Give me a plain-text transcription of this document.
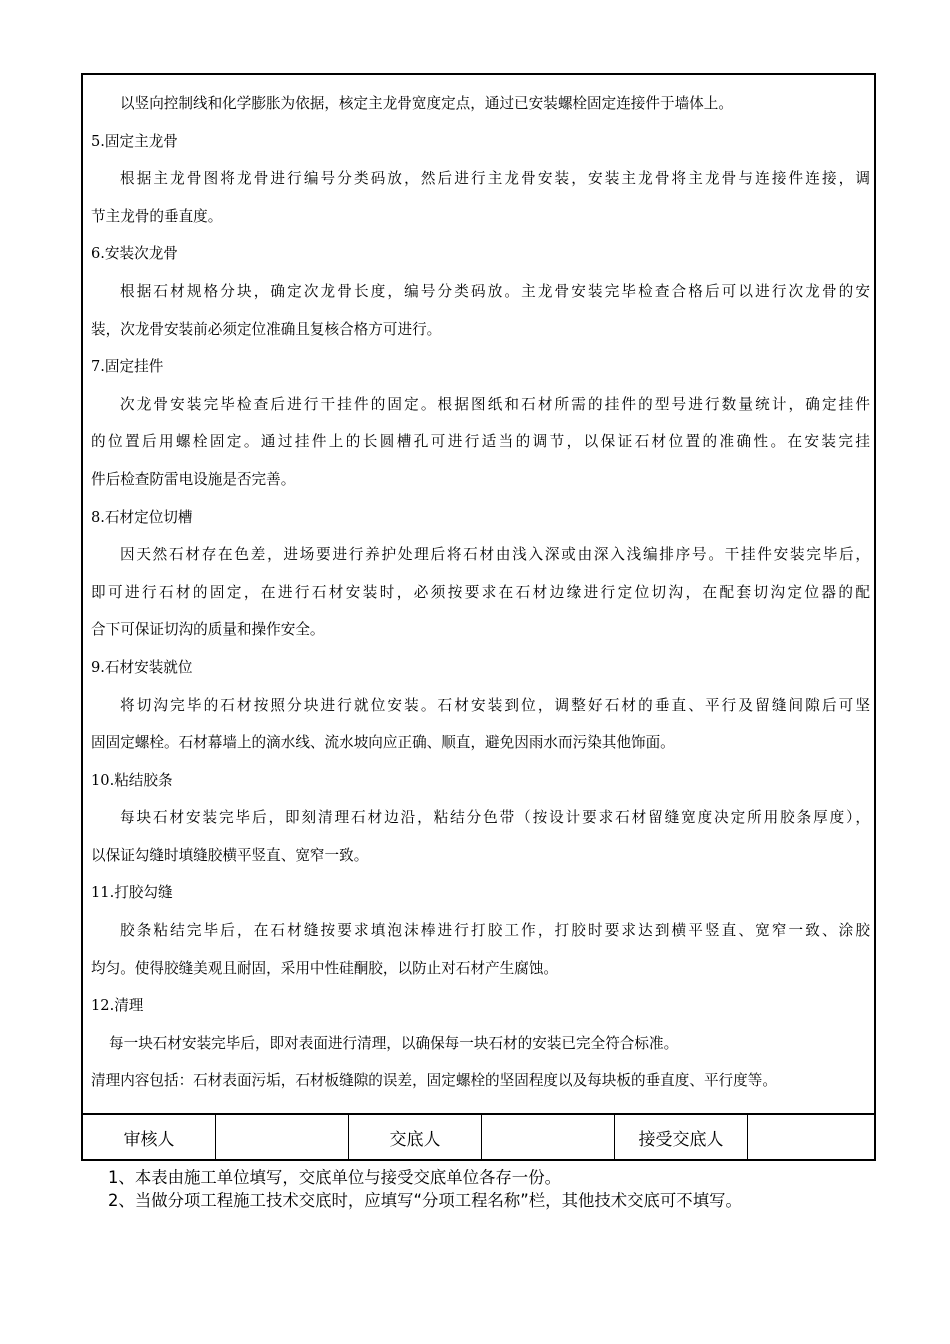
以竖向控制线和化学膨胀为依据，核定主龙骨宽度定点，通过已安装螺栓固定连接件于墙体上。
5.固定主龙骨
根据主龙骨图将龙骨进行编号分类码放，然后进行主龙骨安装，安装主龙骨将主龙骨与连接件连接，调
节主龙骨的垂直度。
6.安装次龙骨
根据石材规格分块，确定次龙骨长度，编号分类码放。主龙骨安装完毕检查合格后可以进行次龙骨的安
装，次龙骨安装前必须定位准确且复核合格方可进行。
7.固定挂件
次龙骨安装完毕检查后进行干挂件的固定。根据图纸和石材所需的挂件的型号进行数量统计，确定挂件
的位置后用螺栓固定。通过挂件上的长圆槽孔可进行适当的调节，以保证石材位置的准确性。在安装完挂
件后检查防雷电设施是否完善。
8.石材定位切槽
因天然石材存在色差，进场要进行养护处理后将石材由浅入深或由深入浅编排序号。干挂件安装完毕后，
即可进行石材的固定，在进行石材安装时，必须按要求在石材边缘进行定位切沟，在配套切沟定位器的配
合下可保证切沟的质量和操作安全。
9.石材安装就位
将切沟完毕的石材按照分块进行就位安装。石材安装到位，调整好石材的垂直、平行及留缝间隙后可坚
固固定螺栓。石材幕墙上的滴水线、流水坡向应正确、顺直，避免因雨水而污染其他饰面。
10.粘结胶条
每块石材安装完毕后，即刻清理石材边沿，粘结分色带（按设计要求石材留缝宽度决定所用胶条厚度），
以保证勾缝时填缝胶横平竖直、宽窄一致。
11.打胶勾缝
胶条粘结完毕后，在石材缝按要求填泡沫棒进行打胶工作，打胶时要求达到横平竖直、宽窄一致、涂胶
均匀。使得胶缝美观且耐固，采用中性硅酮胶，以防止对石材产生腐蚀。
12.清理
每一块石材安装完毕后，即对表面进行清理，以确保每一块石材的安装已完全符合标准。
清理内容包括：石材表面污垢，石材板缝隙的误差，固定螺栓的坚固程度以及每块板的垂直度、平行度等。
审核人	交底人	接受交底人
1、本表由施工单位填写，交底单位与接受交底单位各存一份。
2、当做分项工程施工技术交底时，应填写“分项工程名称”栏，其他技术交底可不填写。
